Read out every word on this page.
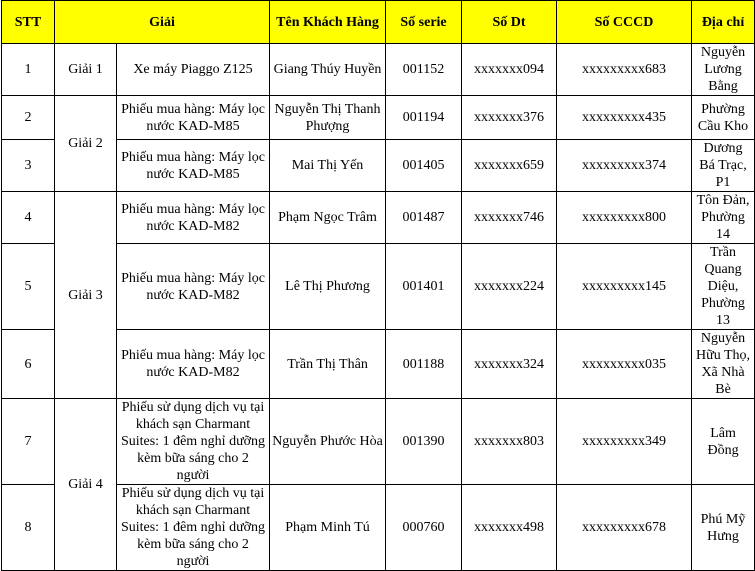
STT	Giải		Tên Khách Hàng	Số serie	Số Dt	Số CCCD	Địa chỉ
1	Giải 1	Xe máy Piaggo Z125	Giang Thúy Huyền	001152	xxxxxxx094	xxxxxxxxx683	Nguyễn Lương Bằng
2	Giải 2	Phiếu mua hàng: Máy lọc nước KAD-M85	Nguyễn Thị Thanh Phượng	001194	xxxxxxx376	xxxxxxxxx435	Phường Cầu Kho
3		Phiếu mua hàng: Máy lọc nước KAD-M85	Mai Thị Yến	001405	xxxxxxx659	xxxxxxxxx374	Dương Bá Trạc, P1
4	Giải 3	Phiếu mua hàng: Máy lọc nước KAD-M82	Phạm Ngọc Trâm	001487	xxxxxxx746	xxxxxxxxx800	Tôn Đản, Phường 14
5		Phiếu mua hàng: Máy lọc nước KAD-M82	Lê Thị Phương	001401	xxxxxxx224	xxxxxxxxx145	Trần Quang Diệu, Phường 13
6		Phiếu mua hàng: Máy lọc nước KAD-M82	Trần Thị Thân	001188	xxxxxxx324	xxxxxxxxx035	Nguyễn Hữu Thọ, Xã Nhà Bè
7	Giải 4	Phiếu sử dụng dịch vụ tại khách sạn Charmant Suites: 1 đêm nghỉ dưỡng kèm bữa sáng cho 2 người	Nguyễn Phước Hòa	001390	xxxxxxx803	xxxxxxxxx349	Lâm Đồng
8		Phiếu sử dụng dịch vụ tại khách sạn Charmant Suites: 1 đêm nghỉ dưỡng kèm bữa sáng cho 2 người	Phạm Minh Tú	000760	xxxxxxx498	xxxxxxxxx678	Phú Mỹ Hưng
